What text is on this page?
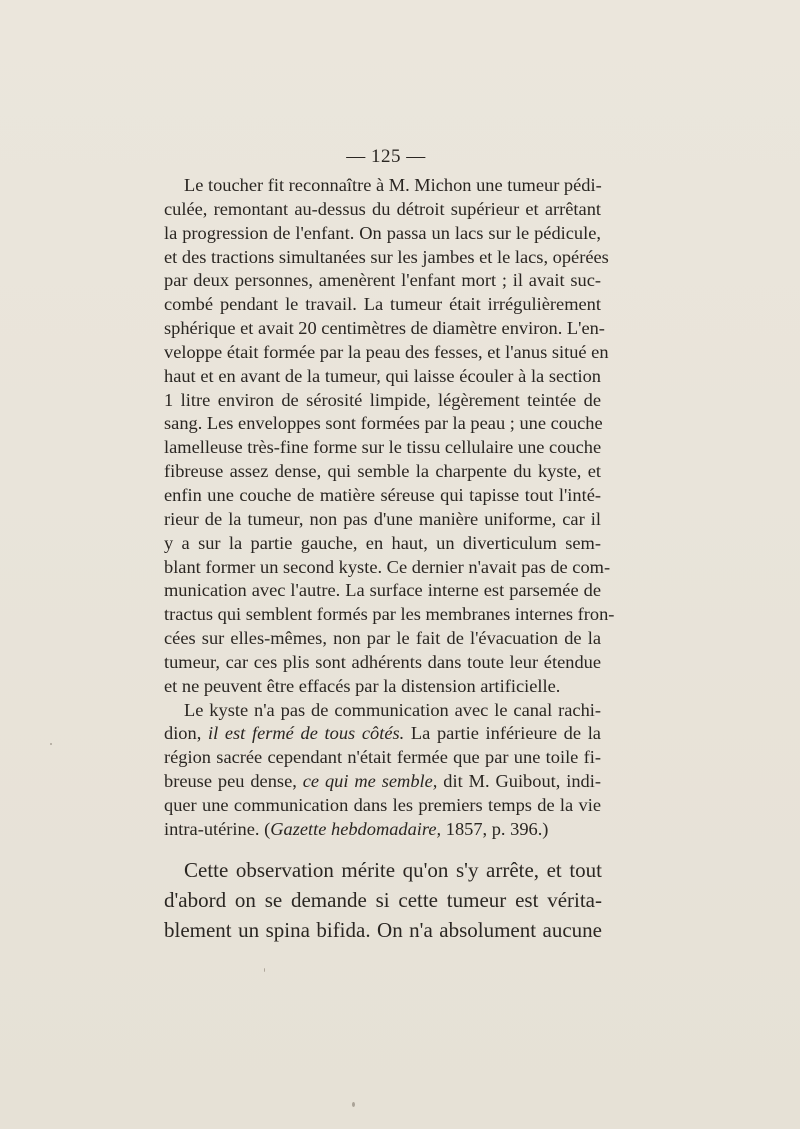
— 125 —
Le toucher fit reconnaître à M. Michon une tumeur pédi-
culée, remontant au-dessus du détroit supérieur et arrêtant
la progression de l'enfant. On passa un lacs sur le pédicule,
et des tractions simultanées sur les jambes et le lacs, opérées
par deux personnes, amenèrent l'enfant mort ; il avait suc-
combé pendant le travail. La tumeur était irrégulièrement
sphérique et avait 20 centimètres de diamètre environ. L'en-
veloppe était formée par la peau des fesses, et l'anus situé en
haut et en avant de la tumeur, qui laisse écouler à la section
1 litre environ de sérosité limpide, légèrement teintée de
sang. Les enveloppes sont formées par la peau ; une couche
lamelleuse très-fine forme sur le tissu cellulaire une couche
fibreuse assez dense, qui semble la charpente du kyste, et
enfin une couche de matière séreuse qui tapisse tout l'inté-
rieur de la tumeur, non pas d'une manière uniforme, car il
y a sur la partie gauche, en haut, un diverticulum sem-
blant former un second kyste. Ce dernier n'avait pas de com-
munication avec l'autre. La surface interne est parsemée de
tractus qui semblent formés par les membranes internes fron-
cées sur elles-mêmes, non par le fait de l'évacuation de la
tumeur, car ces plis sont adhérents dans toute leur étendue
et ne peuvent être effacés par la distension artificielle.
Le kyste n'a pas de communication avec le canal rachi-
dion, il est fermé de tous côtés. La partie inférieure de la
région sacrée cependant n'était fermée que par une toile fi-
breuse peu dense, ce qui me semble, dit M. Guibout, indi-
quer une communication dans les premiers temps de la vie
intra-utérine. (Gazette hebdomadaire, 1857, p. 396.)
Cette observation mérite qu'on s'y arrête, et tout
d'abord on se demande si cette tumeur est vérita-
blement un spina bifida. On n'a absolument aucune
